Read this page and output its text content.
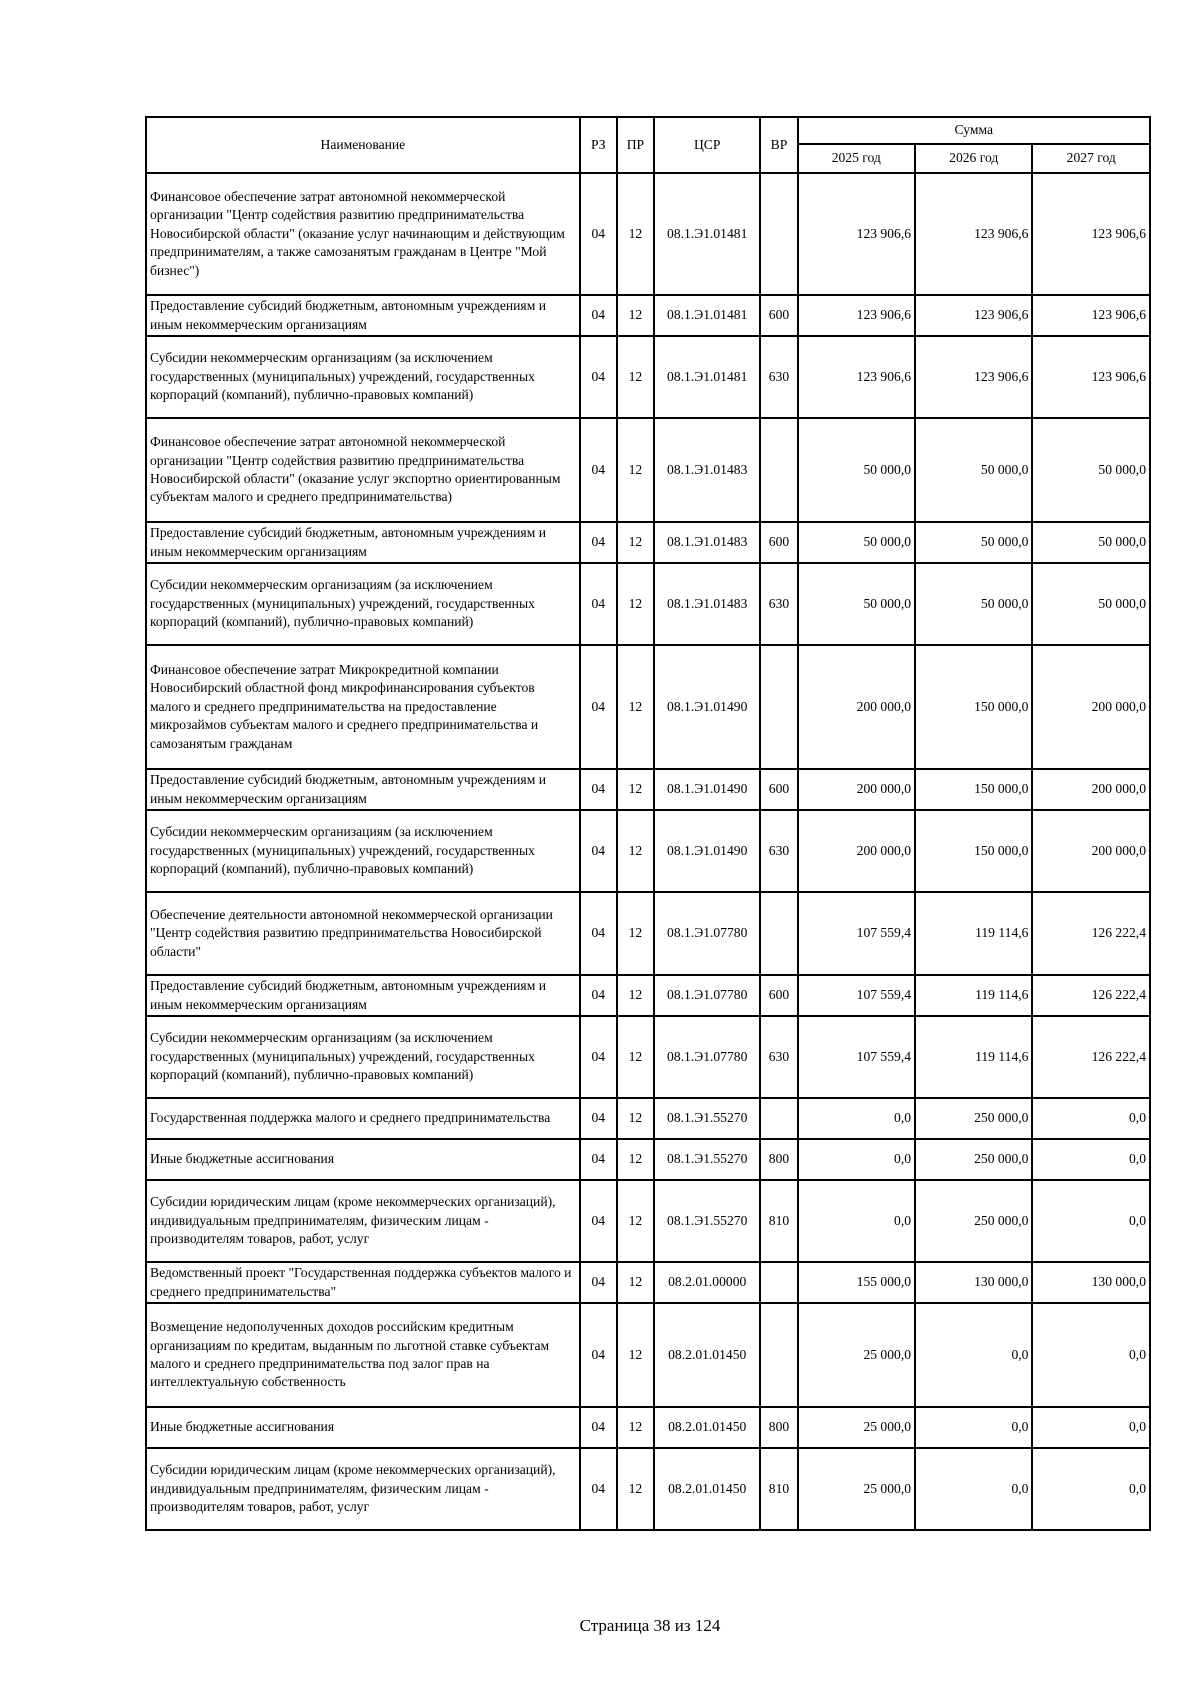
Наименование	РЗ	ПР	ЦСР	ВР	Сумма		
					2025 год	2026 год	2027 год
Финансовое обеспечение затрат автономной некоммерческой организации "Центр содействия развитию предпринимательства Новосибирской области" (оказание услуг начинающим и действующим предпринимателям, а также самозанятым гражданам в Центре "Мой бизнес")	04	12	08.1.Э1.01481		123 906,6	123 906,6	123 906,6
Предоставление субсидий бюджетным, автономным учреждениям и иным некоммерческим организациям	04	12	08.1.Э1.01481	600	123 906,6	123 906,6	123 906,6
Субсидии некоммерческим организациям (за исключением государственных (муниципальных) учреждений, государственных корпораций (компаний), публично-правовых компаний)	04	12	08.1.Э1.01481	630	123 906,6	123 906,6	123 906,6
Финансовое обеспечение затрат автономной некоммерческой организации "Центр содействия развитию предпринимательства Новосибирской области" (оказание услуг экспортно ориентированным субъектам малого и среднего предпринимательства)	04	12	08.1.Э1.01483		50 000,0	50 000,0	50 000,0
Предоставление субсидий бюджетным, автономным учреждениям и иным некоммерческим организациям	04	12	08.1.Э1.01483	600	50 000,0	50 000,0	50 000,0
Субсидии некоммерческим организациям (за исключением государственных (муниципальных) учреждений, государственных корпораций (компаний), публично-правовых компаний)	04	12	08.1.Э1.01483	630	50 000,0	50 000,0	50 000,0
Финансовое обеспечение затрат Микрокредитной компании Новосибирский областной фонд микрофинансирования субъектов малого и среднего предпринимательства на предоставление микрозаймов субъектам малого и среднего предпринимательства и самозанятым гражданам	04	12	08.1.Э1.01490		200 000,0	150 000,0	200 000,0
Предоставление субсидий бюджетным, автономным учреждениям и иным некоммерческим организациям	04	12	08.1.Э1.01490	600	200 000,0	150 000,0	200 000,0
Субсидии некоммерческим организациям (за исключением государственных (муниципальных) учреждений, государственных корпораций (компаний), публично-правовых компаний)	04	12	08.1.Э1.01490	630	200 000,0	150 000,0	200 000,0
Обеспечение деятельности автономной некоммерческой организации "Центр содействия развитию предпринимательства Новосибирской области"	04	12	08.1.Э1.07780		107 559,4	119 114,6	126 222,4
Предоставление субсидий бюджетным, автономным учреждениям и иным некоммерческим организациям	04	12	08.1.Э1.07780	600	107 559,4	119 114,6	126 222,4
Субсидии некоммерческим организациям (за исключением государственных (муниципальных) учреждений, государственных корпораций (компаний), публично-правовых компаний)	04	12	08.1.Э1.07780	630	107 559,4	119 114,6	126 222,4
Государственная поддержка малого и среднего предпринимательства	04	12	08.1.Э1.55270		0,0	250 000,0	0,0
Иные бюджетные ассигнования	04	12	08.1.Э1.55270	800	0,0	250 000,0	0,0
Субсидии юридическим лицам (кроме некоммерческих организаций), индивидуальным предпринимателям, физическим лицам - производителям товаров, работ, услуг	04	12	08.1.Э1.55270	810	0,0	250 000,0	0,0
Ведомственный проект "Государственная поддержка субъектов малого и среднего предпринимательства"	04	12	08.2.01.00000		155 000,0	130 000,0	130 000,0
Возмещение недополученных доходов российским кредитным организациям по кредитам, выданным по льготной ставке субъектам малого и среднего предпринимательства под залог прав на интеллектуальную собственность	04	12	08.2.01.01450		25 000,0	0,0	0,0
Иные бюджетные ассигнования	04	12	08.2.01.01450	800	25 000,0	0,0	0,0
Субсидии юридическим лицам (кроме некоммерческих организаций), индивидуальным предпринимателям, физическим лицам - производителям товаров, работ, услуг	04	12	08.2.01.01450	810	25 000,0	0,0	0,0
Страница 38 из 124
